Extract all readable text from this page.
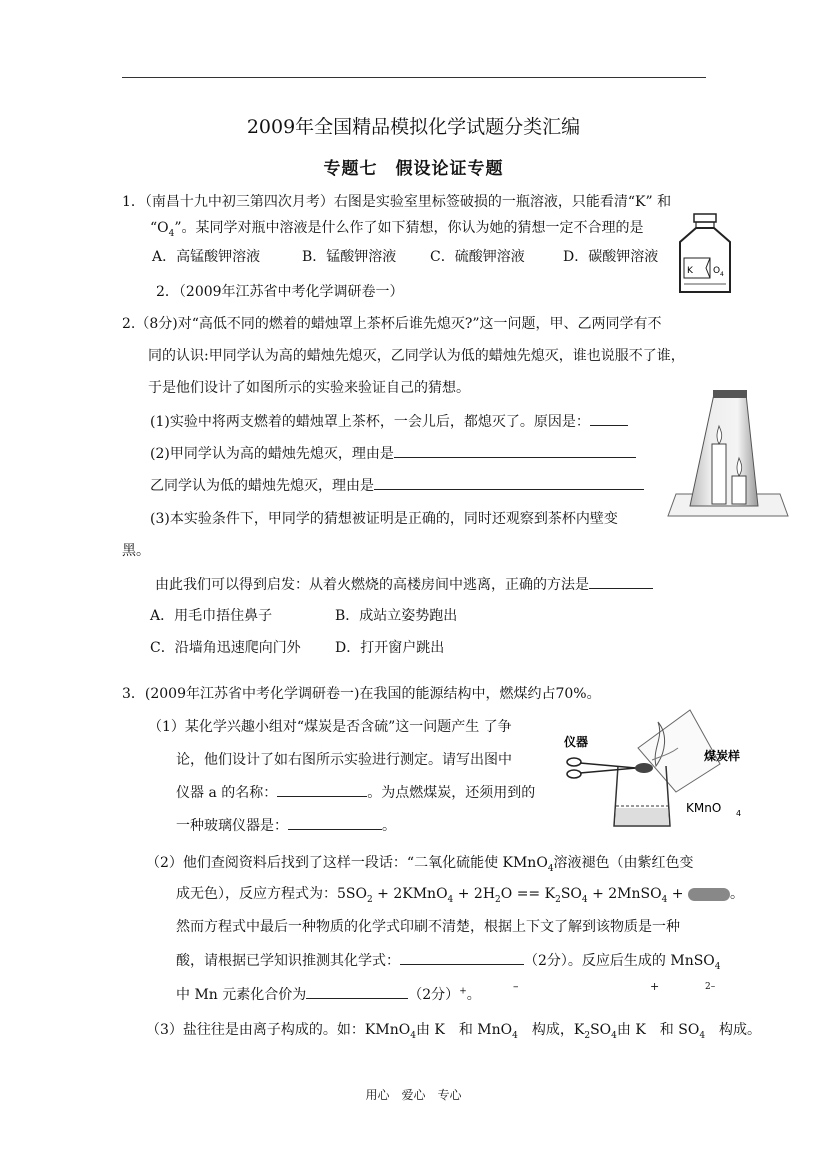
2009年全国精品模拟化学试题分类汇编
专题七　假设论证专题
1．（南昌十九中初三第四次月考）右图是实验室里标签破损的一瓶溶液，只能看清“K” 和
“$O_4$”。某同学对瓶中溶液是什么作了如下猜想，你认为她的猜想一定不合理的是
A．高锰酸钾溶液	B．锰酸钾溶液 C．硫酸钾溶液	D．碳酸钾溶液
K O 4
2．（2009年江苏省中考化学调研卷一）
2.（8分)对“高低不同的燃着的蜡烛罩上茶杯后谁先熄灭?”这一问题，甲、乙两同学有不
同的认识:甲同学认为高的蜡烛先熄灭，乙同学认为低的蜡烛先熄灭，谁也说服不了谁，
于是他们设计了如图所示的实验来验证自己的猜想。
(1)实验中将两支燃着的蜡烛罩上茶杯，一会儿后，都熄灭了。原因是：
(2)甲同学认为高的蜡烛先熄灭，理由是
乙同学认为低的蜡烛先熄灭，理由是
(3)本实验条件下，甲同学的猜想被证明是正确的，同时还观察到茶杯内壁变
黑。
由此我们可以得到启发：从着火燃烧的高楼房间中逃离，正确的方法是
A．用毛巾捂住鼻子	B．成站立姿势跑出
C．沿墙角迅速爬向门外 D．打开窗户跳出
3．(2009年江苏省中考化学调研卷一)在我国的能源结构中，燃煤约占70%。
（1）某化学兴趣小组对“煤炭是否含硫”这一问题产生 了争
论，他们设计了如右图所示实验进行测定。请写出图中
仪器 a 的名称：	。为点燃煤炭，还须用到的
一种玻璃仪器是：	。
仪器
煤炭样
KMnO 4
（2）他们查阅资料后找到了这样一段话：“二氧化硫能使 KMnO$_4$溶液褪色（由紫红色变
成无色），反应方程式为：$5SO_2$ + 2KMnO$_4$ + $2H_2O == K_2SO_4$ + 2MnSO$_4$ +	。
然而方程式中最后一种物质的化学式印刷不清楚，根据上下文了解到该物质是一种
酸，请根据已学知识推测其化学式：	（2分）。反应后生成的 MnSO$_4$
中 Mn 元素化合价为	（2分）+。
–	+	2–
（3）盐往往是由离子构成的。如：KMnO$_4$由 K　和 MnO$_4$　构成，$K_2SO_4$由 K　和 $SO_4$　构成。
用心　爱心　专心
